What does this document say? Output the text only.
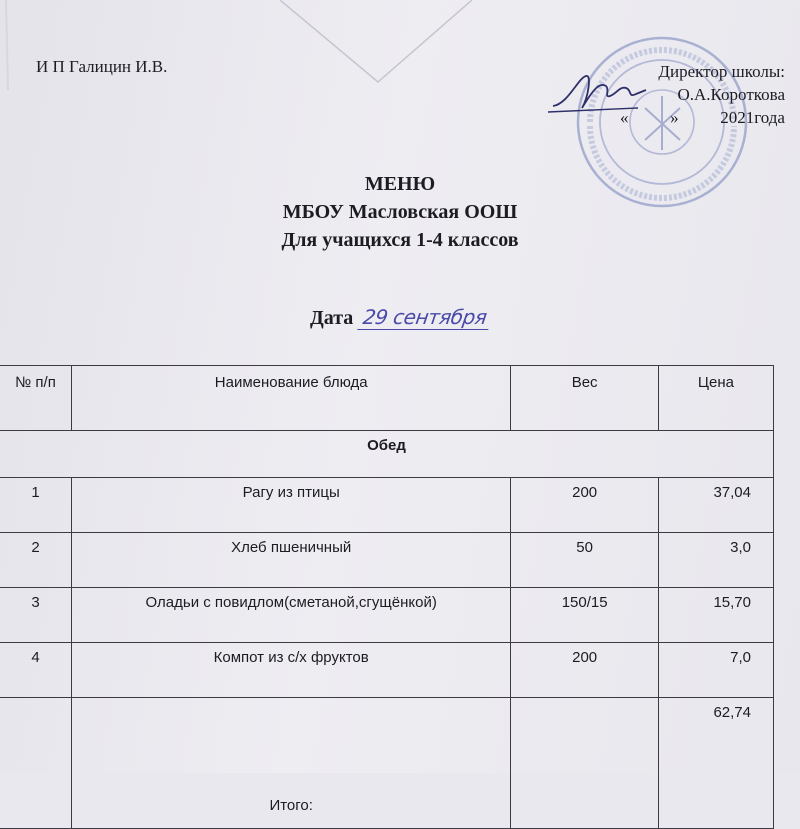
И П Галицин И.В.	Директор школы:
О.А.Короткова
« » 2021года
МЕНЮ
МБОУ Масловская ООШ
Для учащихся 1-4 классов
Дата 29 сентября
№ п/п	Наименование блюда	Вес	Цена
Обед			
1	Рагу из птицы	200	37,04
2	Хлеб пшеничный	50	3,0
3	Оладьи с повидлом(сметаной,сгущёнкой)	150/15	15,70
4	Компот из с/х фруктов	200	7,0
	Итого:		62,74
